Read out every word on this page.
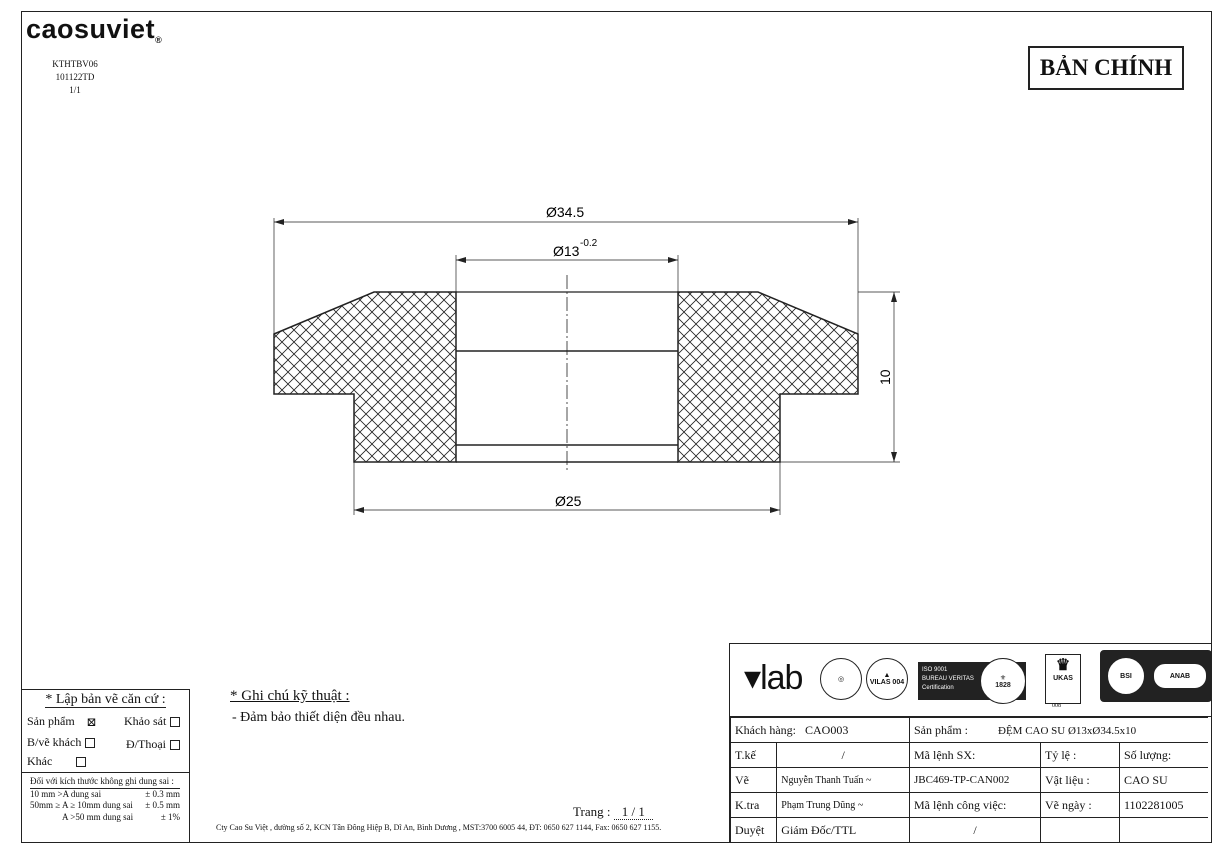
caosuviet®
KTHTBV06
101122TD
1/1
BẢN CHÍNH
Ø34.5
Ø13 -0.2
Ø25
10
* Lập bản vẽ căn cứ :
Sản phẩm ⊠ Khảo sát
B/vẽ khách	Đ/Thoại
Khác
Đối với kích thước không ghi dung sai :
10 mm >A dung sai	± 0.3 mm
50mm ≥ A ≥ 10mm dung sai ± 0.5 mm
A >50 mm dung sai	± 1%
* Ghi chú kỹ thuật :
- Đảm bảo thiết diện đều nhau.
Trang : 1 / 1
Cty Cao Su Việt , đường số 2, KCN Tân Đông Hiệp B, Dĩ An, Bình Dương , MST:3700 6005 44, ĐT: 0650 627 1144, Fax: 0650 627 1155.
▾lab	◎
▲
VILAS 004
ISO 9001
BUREAU VERITAS
Certification
⚜
1828
♛
UKAS
008
BSI	ANAB
Khách hàng: CAO003		Sản phẩm : ĐỆM CAO SU Ø13xØ34.5x10		
T.kế	/	Mã lệnh SX:	Tỷ lệ :	Số lượng:
Vẽ	Nguyễn Thanh Tuấn ~	JBC469-TP-CAN002	Vật liệu :	CAO SU
K.tra	Phạm Trung Dũng ~	Mã lệnh công việc:	Vẽ ngày :	1102281005
Duyệt	Giám Đốc/TTL	/		
